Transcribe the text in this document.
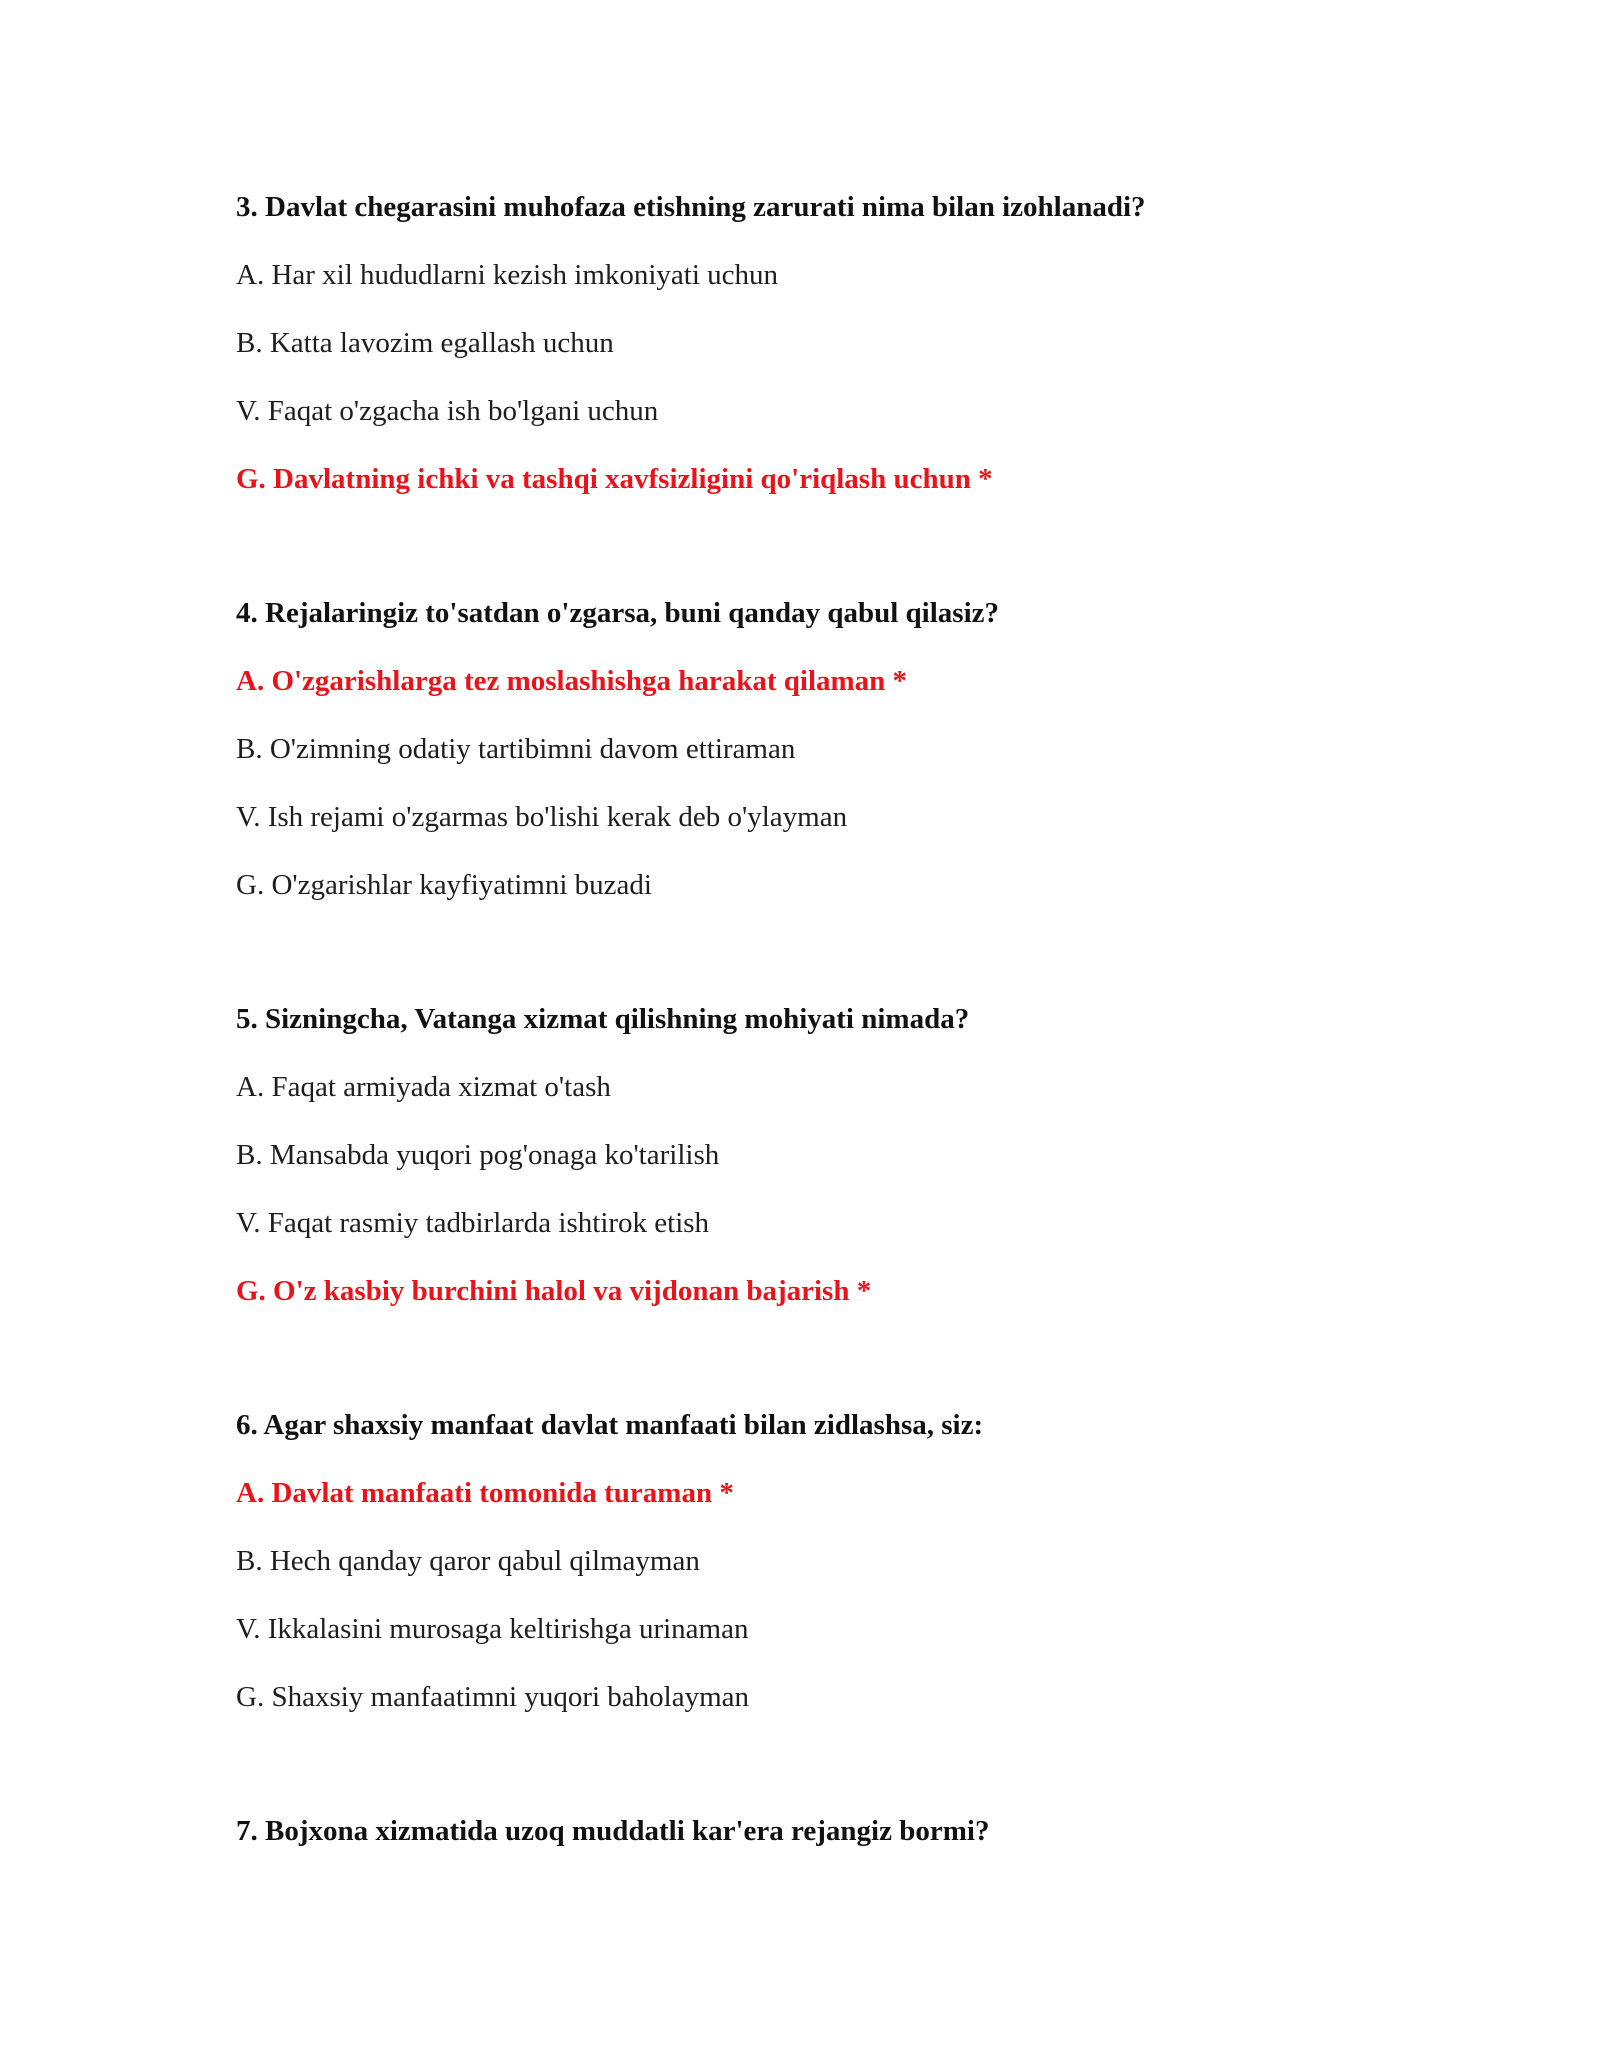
3. Davlat chegarasini muhofaza etishning zarurati nima bilan izohlanadi?
A. Har xil hududlarni kezish imkoniyati uchun
B. Katta lavozim egallash uchun
V. Faqat o'zgacha ish bo'lgani uchun
G. Davlatning ichki va tashqi xavfsizligini qo'riqlash uchun *
4. Rejalaringiz to'satdan o'zgarsa, buni qanday qabul qilasiz?
A. O'zgarishlarga tez moslashishga harakat qilaman *
B. O'zimning odatiy tartibimni davom ettiraman
V. Ish rejami o'zgarmas bo'lishi kerak deb o'ylayman
G. O'zgarishlar kayfiyatimni buzadi
5. Sizningcha, Vatanga xizmat qilishning mohiyati nimada?
A. Faqat armiyada xizmat o'tash
B. Mansabda yuqori pog'onaga ko'tarilish
V. Faqat rasmiy tadbirlarda ishtirok etish
G. O'z kasbiy burchini halol va vijdonan bajarish *
6. Agar shaxsiy manfaat davlat manfaati bilan zidlashsa, siz:
A. Davlat manfaati tomonida turaman *
B. Hech qanday qaror qabul qilmayman
V. Ikkalasini murosaga keltirishga urinaman
G. Shaxsiy manfaatimni yuqori baholayman
7. Bojxona xizmatida uzoq muddatli kar'era rejangiz bormi?
